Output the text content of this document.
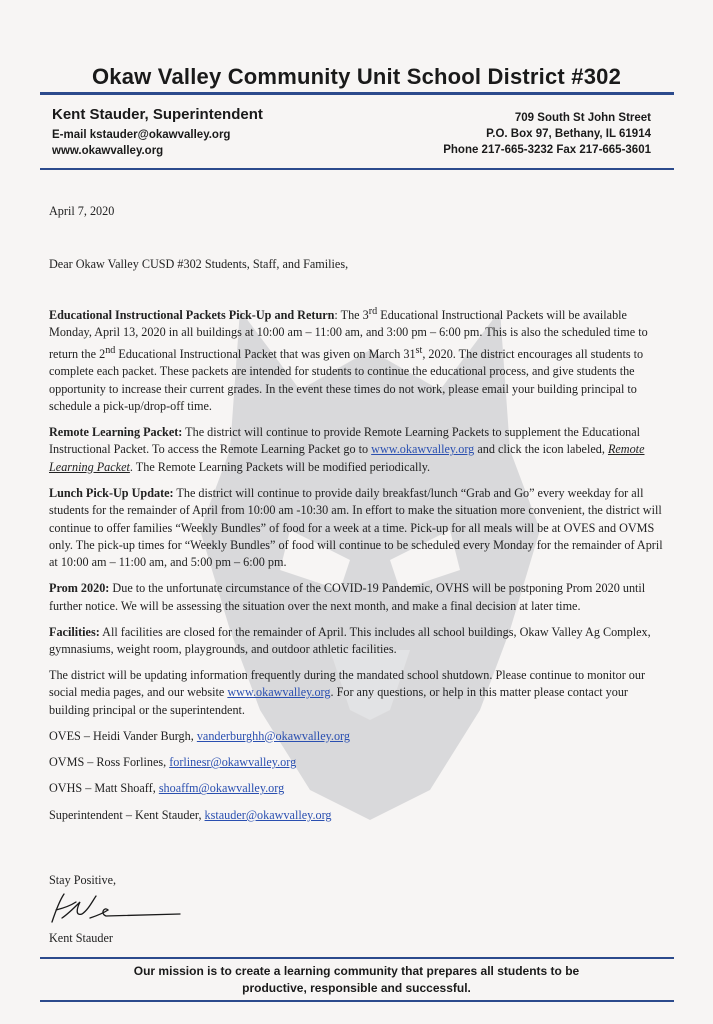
Okaw Valley Community Unit School District #302
Kent Stauder, Superintendent
E-mail kstauder@okawvalley.org
www.okawvalley.org
709 South St John Street
P.O. Box 97, Bethany, IL 61914
Phone 217-665-3232 Fax 217-665-3601
April 7, 2020
Dear Okaw Valley CUSD #302 Students, Staff, and Families,

Educational Instructional Packets Pick-Up and Return: The 3rd Educational Instructional Packets will be available Monday, April 13, 2020 in all buildings at 10:00 am – 11:00 am, and 3:00 pm – 6:00 pm. This is also the scheduled time to return the 2nd Educational Instructional Packet that was given on March 31st, 2020. The district encourages all students to complete each packet. These packets are intended for students to continue the educational process, and give students the opportunity to increase their current grades. In the event these times do not work, please email your building principal to schedule a pick-up/drop-off time.

Remote Learning Packet: The district will continue to provide Remote Learning Packets to supplement the Educational Instructional Packet. To access the Remote Learning Packet go to www.okawvalley.org and click the icon labeled, Remote Learning Packet. The Remote Learning Packets will be modified periodically.

Lunch Pick-Up Update: The district will continue to provide daily breakfast/lunch “Grab and Go” every weekday for all students for the remainder of April from 10:00 am -10:30 am. In effort to make the situation more convenient, the district will continue to offer families “Weekly Bundles” of food for a week at a time. Pick-up for all meals will be at OVES and OVMS only. The pick-up times for “Weekly Bundles” of food will continue to be scheduled every Monday for the remainder of April at 10:00 am – 11:00 am, and 5:00 pm – 6:00 pm.

Prom 2020: Due to the unfortunate circumstance of the COVID-19 Pandemic, OVHS will be postponing Prom 2020 until further notice. We will be assessing the situation over the next month, and make a final decision at later time.

Facilities: All facilities are closed for the remainder of April. This includes all school buildings, Okaw Valley Ag Complex, gymnasiums, weight room, playgrounds, and outdoor athletic facilities.

The district will be updating information frequently during the mandated school shutdown. Please continue to monitor our social media pages, and our website www.okawvalley.org. For any questions, or help in this matter please contact your building principal or the superintendent.

OVES – Heidi Vander Burgh, vanderburghh@okawvalley.org
OVMS – Ross Forlines, forlinesr@okawvalley.org
OVHS – Matt Shoaff, shoaffm@okawvalley.org
Superintendent – Kent Stauder, kstauder@okawvalley.org
Stay Positive,
Kent Stauder
Our mission is to create a learning community that prepares all students to be
productive, responsible and successful.
